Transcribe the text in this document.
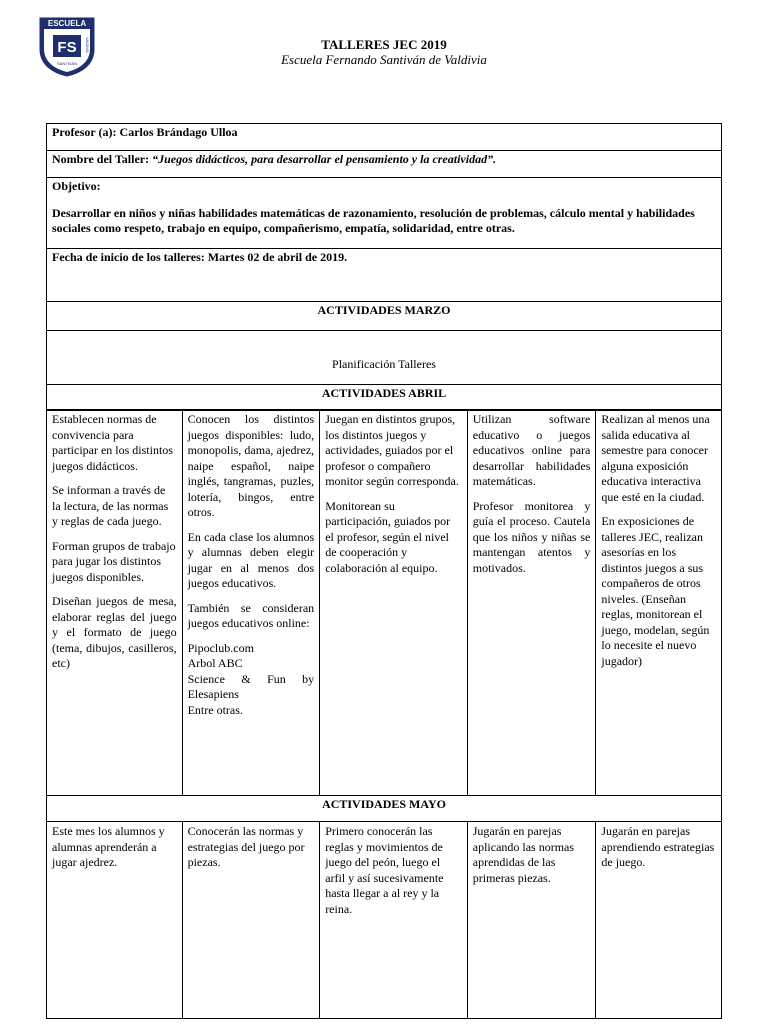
ESCUELA
FS
FERNANDO	VALDIVIA
SANTIVÁN
TALLERES JEC 2019
Escuela Fernando Santiván de Valdivia
Profesor (a): Carlos Brándago Ulloa
Nombre del Taller: “Juegos didácticos, para desarrollar el pensamiento y la creatividad”.
Objetivo:
Desarrollar en niños y niñas habilidades matemáticas de razonamiento, resolución de problemas, cálculo mental y habilidades sociales como respeto, trabajo en equipo, compañerismo, empatía, solidaridad, entre otras.
Fecha de inicio de los talleres: Martes 02 de abril de 2019.
ACTIVIDADES MARZO
Planificación Talleres
ACTIVIDADES ABRIL

Establecen normas de convivencia para participar en los distintos juegos didácticos.

Se informan a través de la lectura, de las normas y reglas de cada juego.

Forman grupos de trabajo para jugar los distintos juegos disponibles.

Diseñan juegos de mesa, elaborar reglas del juego y el formato de juego (tema, dibujos, casilleros, etc)

Conocen los distintos juegos disponibles: ludo, monopolis, dama, ajedrez, naipe español, naipe inglés, tangramas, puzles, lotería, bingos, entre otros.

En cada clase los alumnos y alumnas deben elegir jugar en al menos dos juegos educativos.

También se consideran juegos educativos online:

Pipoclub.com
Arbol ABC
Science & Fun by Elesapiens
Entre otras.

Juegan en distintos grupos, los distintos juegos y actividades, guiados por el profesor o compañero monitor según corresponda.

Monitorean su participación, guiados por el profesor, según el nivel de cooperación y colaboración al equipo.

Utilizan software educativo o juegos educativos online para desarrollar habilidades matemáticas.

Profesor monitorea y guía el proceso. Cautela que los niños y niñas se mantengan atentos y motivados.

Realizan al menos una salida educativa al semestre para conocer alguna exposición educativa interactiva que esté en la ciudad.

En exposiciones de talleres JEC, realizan asesorías en los distintos juegos a sus compañeros de otros niveles. (Enseñan reglas, monitorean el juego, modelan, según lo necesite el nuevo jugador)

ACTIVIDADES MAYO

Este mes los alumnos y alumnas aprenderán a jugar ajedrez.

Conocerán las normas y estrategias del juego por piezas.

Primero conocerán las reglas y movimientos de juego del peón, luego el arfil y así sucesivamente hasta llegar a al rey y la reina.

Jugarán en parejas aplicando las normas aprendidas de las primeras piezas.

Jugarán en parejas aprendiendo estrategias de juego.
